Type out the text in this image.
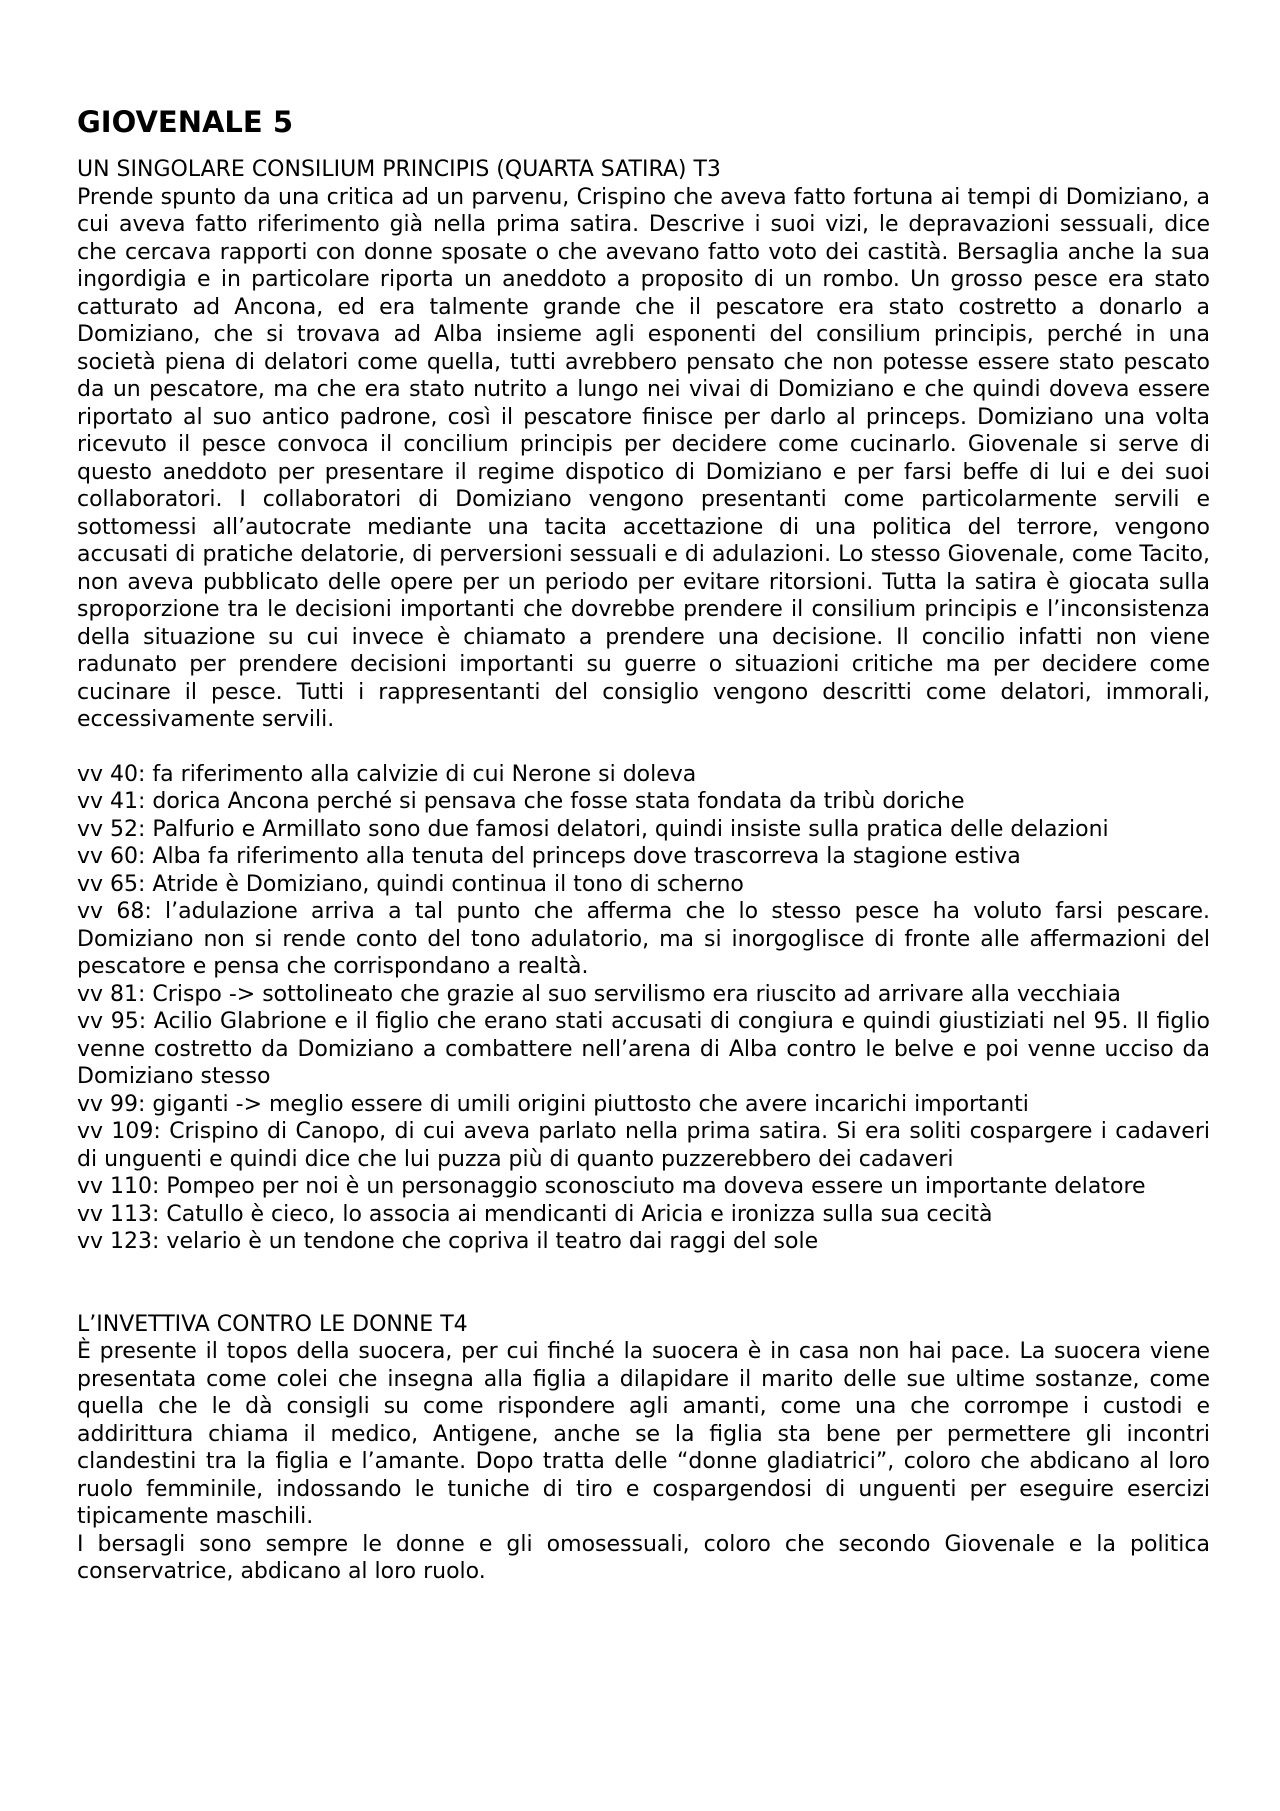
GIOVENALE 5

UN SINGOLARE CONSILIUM PRINCIPIS (QUARTA SATIRA) T3

Prende spunto da una critica ad un parvenu, Crispino che aveva fatto fortuna ai tempi di Domiziano, a cui aveva fatto riferimento già nella prima satira. Descrive i suoi vizi, le depravazioni sessuali, dice che cercava rapporti con donne sposate o che avevano fatto voto dei castità. Bersaglia anche la sua ingordigia e in particolare riporta un aneddoto a proposito di un rombo. Un grosso pesce era stato catturato ad Ancona, ed era talmente grande che il pescatore era stato costretto a donarlo a Domiziano, che si trovava ad Alba insieme agli esponenti del consilium principis, perché in una società piena di delatori come quella, tutti avrebbero pensato che non potesse essere stato pescato da un pescatore, ma che era stato nutrito a lungo nei vivai di Domiziano e che quindi doveva essere riportato al suo antico padrone, così il pescatore finisce per darlo al princeps. Domiziano una volta ricevuto il pesce convoca il concilium principis per decidere come cucinarlo. Giovenale si serve di questo aneddoto per presentare il regime dispotico di Domiziano e per farsi beffe di lui e dei suoi collaboratori. I collaboratori di Domiziano vengono presentanti come particolarmente servili e sottomessi all’autocrate mediante una tacita accettazione di una politica del terrore, vengono accusati di pratiche delatorie, di perversioni sessuali e di adulazioni. Lo stesso Giovenale, come Tacito, non aveva pubblicato delle opere per un periodo per evitare ritorsioni. Tutta la satira è giocata sulla sproporzione tra le decisioni importanti che dovrebbe prendere il consilium principis e l’inconsistenza della situazione su cui invece è chiamato a prendere una decisione. Il concilio infatti non viene radunato per prendere decisioni importanti su guerre o situazioni critiche ma per decidere come cucinare il pesce. Tutti i rappresentanti del consiglio vengono descritti come delatori, immorali, eccessivamente servili.

vv 40: fa riferimento alla calvizie di cui Nerone si doleva

vv 41: dorica Ancona perché si pensava che fosse stata fondata da tribù doriche

vv 52: Palfurio e Armillato sono due famosi delatori, quindi insiste sulla pratica delle delazioni

vv 60: Alba fa riferimento alla tenuta del princeps dove trascorreva la stagione estiva

vv 65: Atride è Domiziano, quindi continua il tono di scherno

vv 68: l’adulazione arriva a tal punto che afferma che lo stesso pesce ha voluto farsi pescare. Domiziano non si rende conto del tono adulatorio, ma si inorgoglisce di fronte alle affermazioni del pescatore e pensa che corrispondano a realtà.

vv 81: Crispo -> sottolineato che grazie al suo servilismo era riuscito ad arrivare alla vecchiaia

vv 95: Acilio Glabrione e il figlio che erano stati accusati di congiura e quindi giustiziati nel 95. Il figlio venne costretto da Domiziano a combattere nell’arena di Alba contro le belve e poi venne ucciso da Domiziano stesso

vv 99: giganti -> meglio essere di umili origini piuttosto che avere incarichi importanti

vv 109: Crispino di Canopo, di cui aveva parlato nella prima satira. Si era soliti cospargere i cadaveri di unguenti e quindi dice che lui puzza più di quanto puzzerebbero dei cadaveri

vv 110: Pompeo per noi è un personaggio sconosciuto ma doveva essere un importante delatore

vv 113: Catullo è cieco, lo associa ai mendicanti di Aricia e ironizza sulla sua cecità

vv 123: velario è un tendone che copriva il teatro dai raggi del sole

L’INVETTIVA CONTRO LE DONNE T4

È presente il topos della suocera, per cui finché la suocera è in casa non hai pace. La suocera viene presentata come colei che insegna alla figlia a dilapidare il marito delle sue ultime sostanze, come quella che le dà consigli su come rispondere agli amanti, come una che corrompe i custodi e addirittura chiama il medico, Antigene, anche se la figlia sta bene per permettere gli incontri clandestini tra la figlia e l’amante. Dopo tratta delle “donne gladiatrici”, coloro che abdicano al loro ruolo femminile, indossando le tuniche di tiro e cospargendosi di unguenti per eseguire esercizi tipicamente maschili.

I bersagli sono sempre le donne e gli omosessuali, coloro che secondo Giovenale e la politica conservatrice, abdicano al loro ruolo.
